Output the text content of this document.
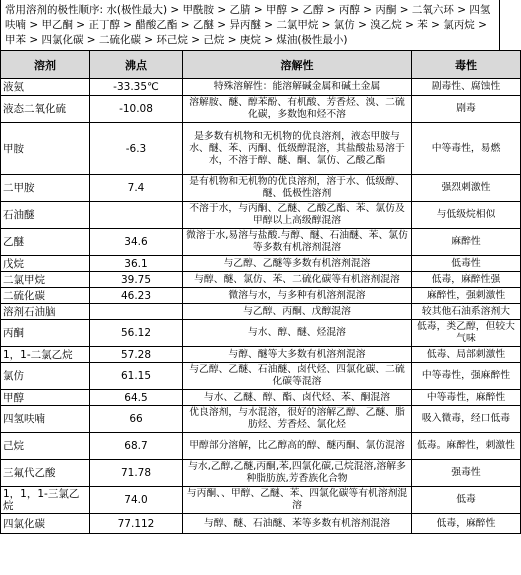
常用溶剂的极性顺序: 水(极性最大) > 甲酰胺 > 乙腈 > 甲醇 > 乙醇 > 丙醇 > 丙酮 > 二氧六环 > 四氢呋喃 > 甲乙酮 > 正丁醇 > 醋酸乙酯 > 乙醚 > 异丙醚 > 二氯甲烷 > 氯仿 > 溴乙烷 > 苯 > 氯丙烷 > 甲苯 > 四氯化碳 > 二硫化碳 > 环己烷 > 己烷 > 庚烷 > 煤油(极性最小)
溶剂	沸点	溶解性	毒性
液氨	-33.35℃	特殊溶解性：能溶解碱金属和碱土金属	剧毒性、腐蚀性
液态二氧化硫	-10.08	溶解胺、醚、醇苯酚、有机酸、芳香烃、溴、二硫化碳，多数饱和烃不溶	剧毒
甲胺	-6.3	是多数有机物和无机物的优良溶剂，液态甲胺与水、醚、苯、丙酮、低级醇混溶，其盐酸盐易溶于水，不溶于醇、醚、酮、氯仿、乙酸乙酯	中等毒性，易燃
二甲胺	7.4	是有机物和无机物的优良溶剂，溶于水、低级醇、醚、低极性溶剂	强烈刺激性
石油醚		不溶于水，与丙酮、乙醚、乙酸乙酯、苯、氯仿及甲醇以上高级醇混溶	与低级烷相似
乙醚	34.6	微溶于水,易溶与盐酸.与醇、醚、石油醚、苯、氯仿等多数有机溶剂混溶	麻醉性
戊烷	36.1	与乙醇、乙醚等多数有机溶剂混溶	低毒性
二氯甲烷	39.75	与醇、醚、氯仿、苯、二硫化碳等有机溶剂混溶	低毒，麻醉性强
二硫化碳	46.23	微溶与水，与多种有机溶剂混溶	麻醉性，强刺激性
溶剂石油脑		与乙醇、丙酮、戊醇混溶	较其他石油系溶剂大
丙酮	56.12	与水、醇、醚、烃混溶	低毒，类乙醇，但较大气味
1，1-二氯乙烷	57.28	与醇、醚等大多数有机溶剂混溶	低毒、局部刺激性
氯仿	61.15	与乙醇、乙醚、石油醚、卤代烃、四氯化碳、二硫化碳等混溶	中等毒性，强麻醉性
甲醇	64.5	与水、乙醚、醇、酯、卤代烃、苯、酮混溶	中等毒性，麻醉性
四氢呋喃	66	优良溶剂，与水混溶，很好的溶解乙醇、乙醚、脂肪烃、芳香烃、氯化烃	吸入微毒，经口低毒
己烷	68.7	甲醇部分溶解，比乙醇高的醇、醚丙酮、氯仿混溶	低毒。麻醉性，刺激性
三氟代乙酸	71.78	与水,乙醇,乙醚,丙酮,苯,四氯化碳,己烷混溶,溶解多种脂肪族,芳香族化合物	强毒性
1，1，1-三氯乙烷	74.0	与丙酮、、甲醇、乙醚、苯、四氯化碳等有机溶剂混溶	低毒
四氯化碳	77.112	与醇、醚、石油醚、苯等多数有机溶剂混溶	低毒，麻醉性
